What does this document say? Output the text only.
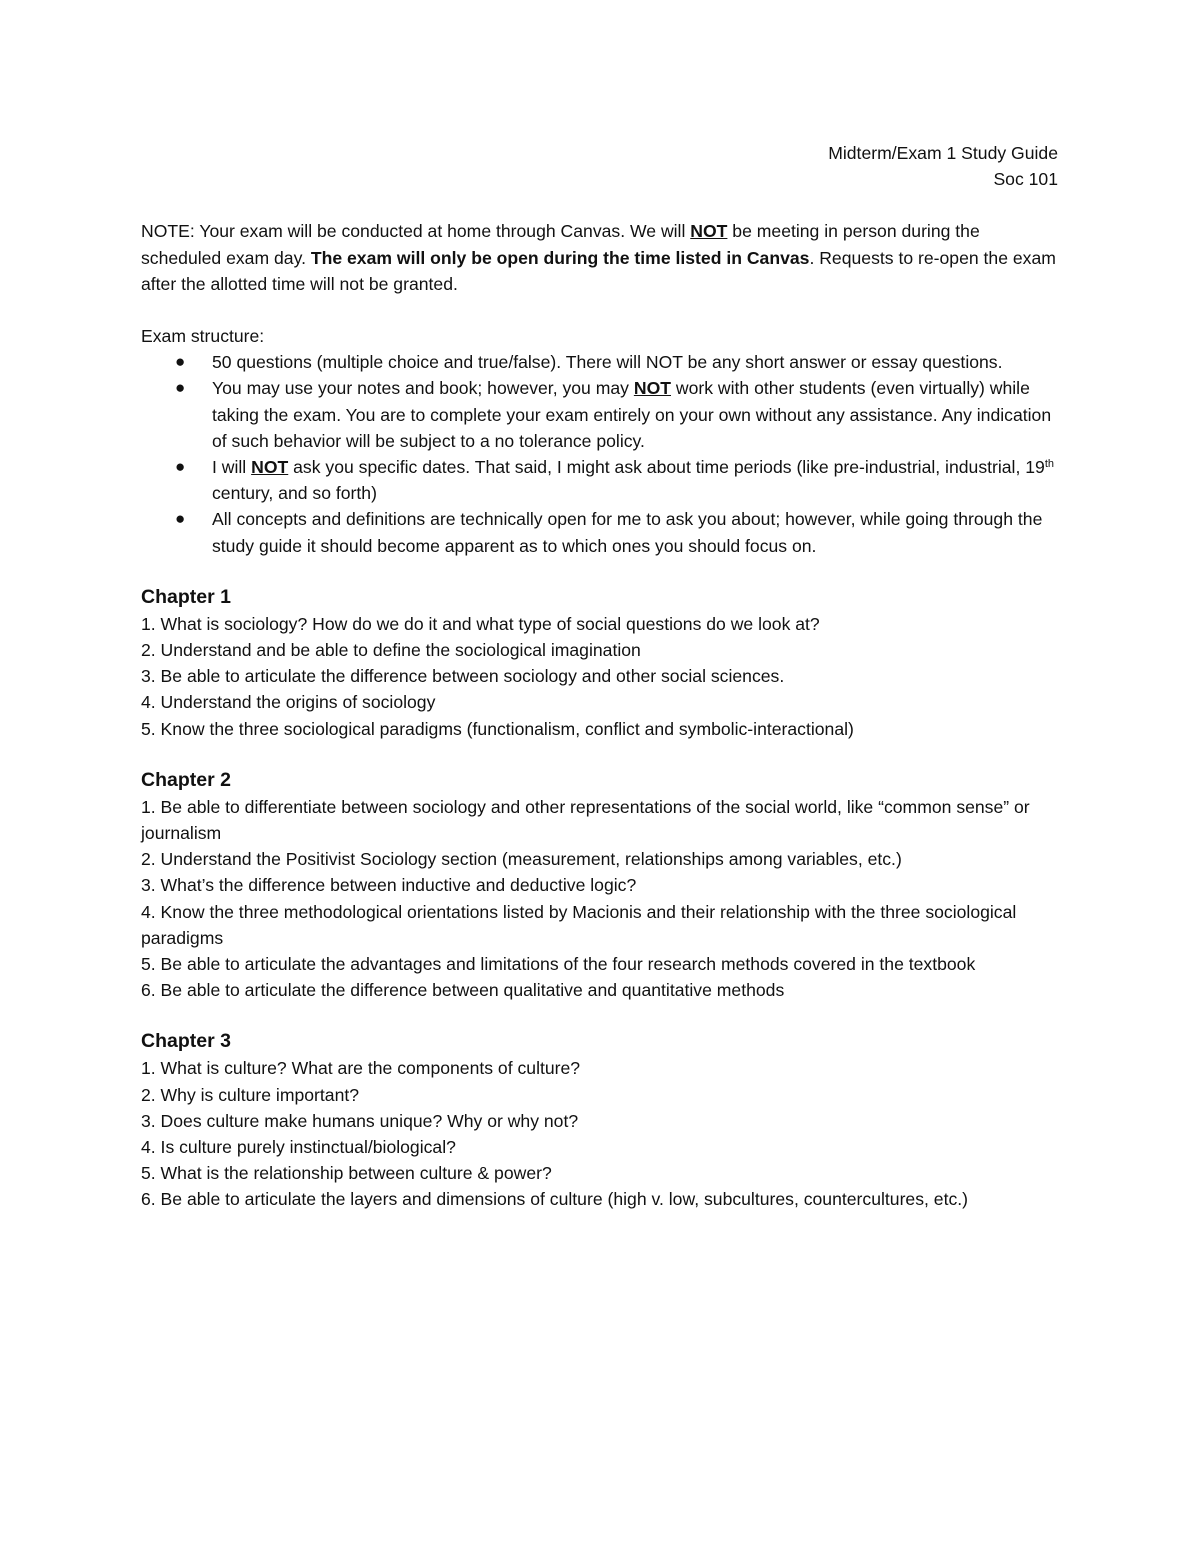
Midterm/Exam 1 Study Guide
Soc 101

NOTE: Your exam will be conducted at home through Canvas. We will NOT be meeting in person during the scheduled exam day. The exam will only be open during the time listed in Canvas. Requests to re-open the exam after the allotted time will not be granted.

Exam structure:
● 50 questions (multiple choice and true/false). There will NOT be any short answer or essay questions.
● You may use your notes and book; however, you may NOT work with other students (even virtually) while taking the exam. You are to complete your exam entirely on your own without any assistance. Any indication of such behavior will be subject to a no tolerance policy.
● I will NOT ask you specific dates. That said, I might ask about time periods (like pre-industrial, industrial, 19th century, and so forth)
● All concepts and definitions are technically open for me to ask you about; however, while going through the study guide it should become apparent as to which ones you should focus on.
Chapter 1
1. What is sociology? How do we do it and what type of social questions do we look at?
2. Understand and be able to define the sociological imagination
3. Be able to articulate the difference between sociology and other social sciences.
4. Understand the origins of sociology
5. Know the three sociological paradigms (functionalism, conflict and symbolic-interactional)
Chapter 2
1. Be able to differentiate between sociology and other representations of the social world, like “common sense” or journalism
2. Understand the Positivist Sociology section (measurement, relationships among variables, etc.)
3. What’s the difference between inductive and deductive logic?
4. Know the three methodological orientations listed by Macionis and their relationship with the three sociological paradigms
5. Be able to articulate the advantages and limitations of the four research methods covered in the textbook
6. Be able to articulate the difference between qualitative and quantitative methods
Chapter 3
1. What is culture? What are the components of culture?
2. Why is culture important?
3. Does culture make humans unique? Why or why not?
4. Is culture purely instinctual/biological?
5. What is the relationship between culture & power?
6. Be able to articulate the layers and dimensions of culture (high v. low, subcultures, countercultures, etc.)
